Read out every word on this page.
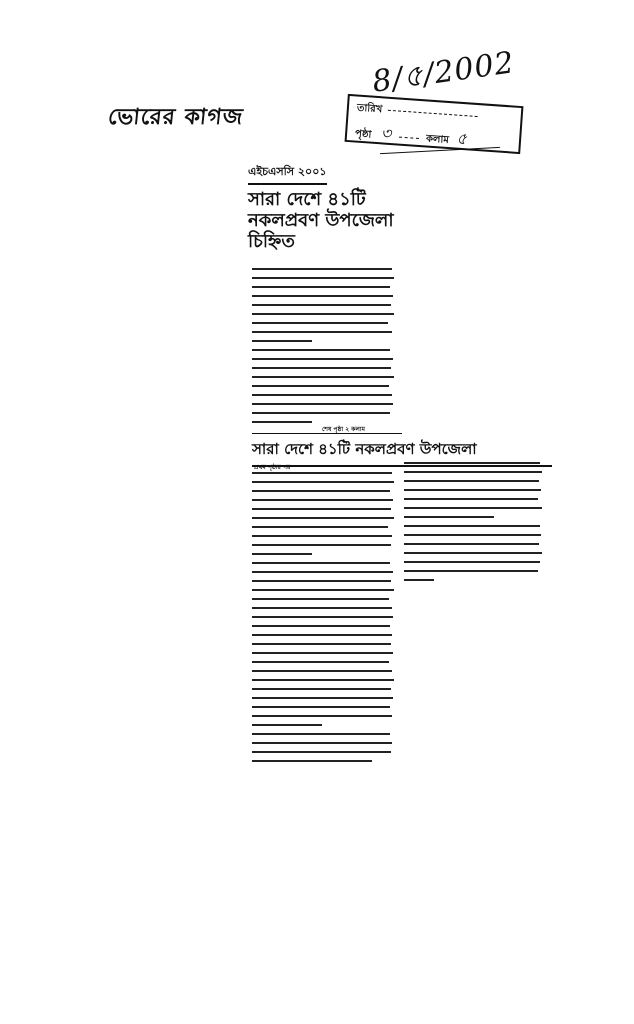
ভোরের কাগজ
8/৫/2002
তারিখ
পৃষ্ঠা ৩	কলাম ৫
এইচএসসি ২০০১
সারা দেশে ৪১টি
নকলপ্রবণ উপজেলা
চিহ্নিত
শেষ পৃষ্ঠা ২ কলাম
সারা দেশে ৪১টি নকলপ্রবণ উপজেলা
প্রথম পৃষ্ঠার পর
